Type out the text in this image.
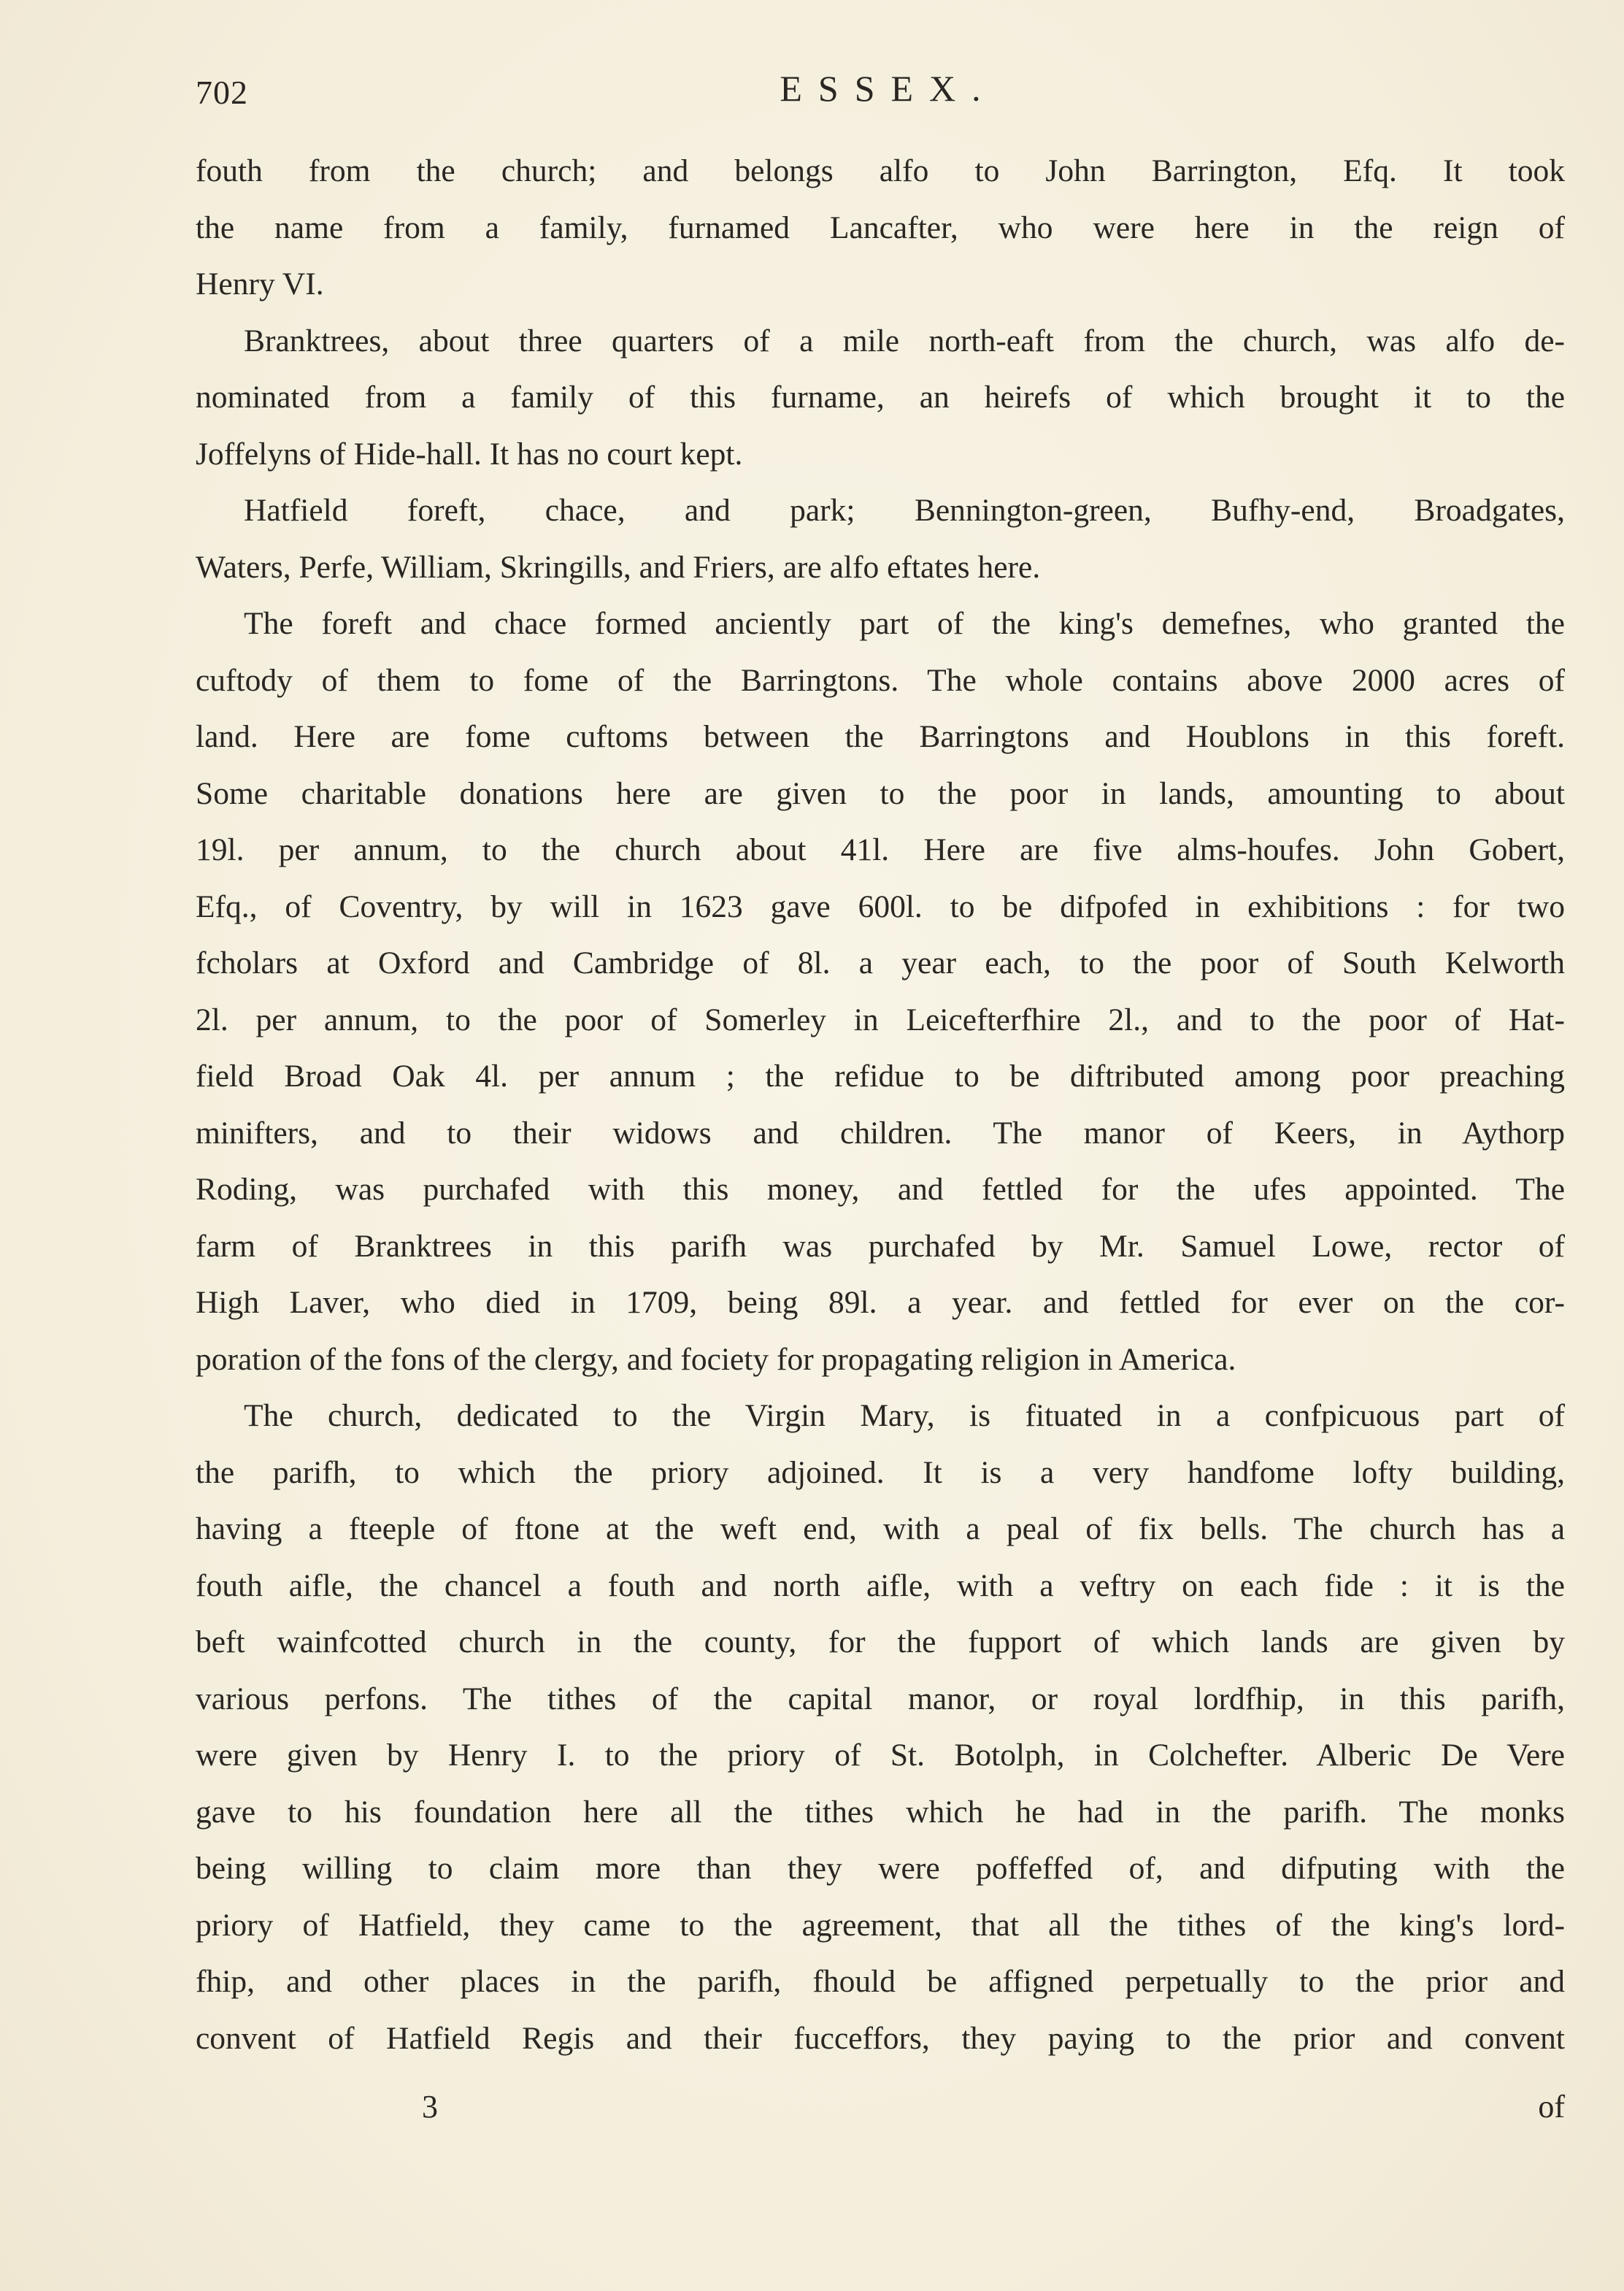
702	ESSEX.
fouth from the church; and belongs alfo to John Barrington, Efq. It took
the name from a family, furnamed Lancafter, who were here in the reign of
Henry VI.
Branktrees, about three quarters of a mile north-eaft from the church, was alfo de-
nominated from a family of this furname, an heirefs of which brought it to the
Joffelyns of Hide-hall. It has no court kept.
Hatfield foreft, chace, and park; Bennington-green, Bufhy-end, Broadgates,
Waters, Perfe, William, Skringills, and Friers, are alfo eftates here.
The foreft and chace formed anciently part of the king's demefnes, who granted the
cuftody of them to fome of the Barringtons. The whole contains above 2000 acres of
land. Here are fome cuftoms between the Barringtons and Houblons in this foreft.
Some charitable donations here are given to the poor in lands, amounting to about
19l. per annum, to the church about 41l. Here are five alms-houfes. John Gobert,
Efq., of Coventry, by will in 1623 gave 600l. to be difpofed in exhibitions : for two
fcholars at Oxford and Cambridge of 8l. a year each, to the poor of South Kelworth
2l. per annum, to the poor of Somerley in Leicefterfhire 2l., and to the poor of Hat-
field Broad Oak 4l. per annum ; the refidue to be diftributed among poor preaching
minifters, and to their widows and children. The manor of Keers, in Aythorp
Roding, was purchafed with this money, and fettled for the ufes appointed. The
farm of Branktrees in this parifh was purchafed by Mr. Samuel Lowe, rector of
High Laver, who died in 1709, being 89l. a year. and fettled for ever on the cor-
poration of the fons of the clergy, and fociety for propagating religion in America.
The church, dedicated to the Virgin Mary, is fituated in a confpicuous part of
the parifh, to which the priory adjoined. It is a very handfome lofty building,
having a fteeple of ftone at the weft end, with a peal of fix bells. The church has a
fouth aifle, the chancel a fouth and north aifle, with a veftry on each fide : it is the
beft wainfcotted church in the county, for the fupport of which lands are given by
various perfons. The tithes of the capital manor, or royal lordfhip, in this parifh,
were given by Henry I. to the priory of St. Botolph, in Colchefter. Alberic De Vere
gave to his foundation here all the tithes which he had in the parifh. The monks
being willing to claim more than they were poffeffed of, and difputing with the
priory of Hatfield, they came to the agreement, that all the tithes of the king's lord-
fhip, and other places in the parifh, fhould be affigned perpetually to the prior and
convent of Hatfield Regis and their fucceffors, they paying to the prior and convent
3	of
